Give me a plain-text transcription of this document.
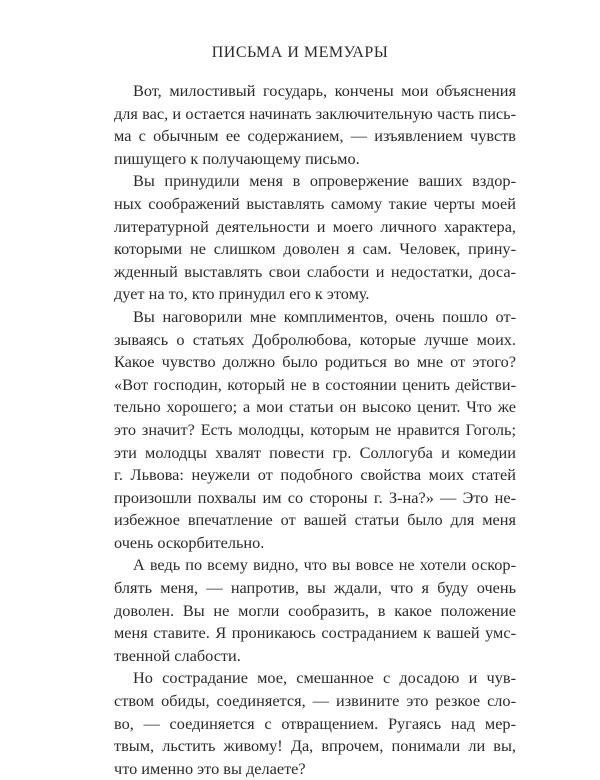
ПИСЬМА И МЕМУАРЫ

Вот, милостивый государь, кончены мои объяснения
для вас, и остается начинать заключительную часть пись-
ма с обычным ее содержанием, — изъявлением чувств
пишущего к получающему письмо.

Вы принудили меня в опровержение ваших вздор-
ных соображений выставлять самому такие черты моей
литературной деятельности и моего личного характера,
которыми не слишком доволен я сам. Человек, прину-
жденный выставлять свои слабости и недостатки, доса-
дует на то, кто принудил его к этому.

Вы наговорили мне комплиментов, очень пошло от-
зываясь о статьях Добролюбова, которые лучше моих.
Какое чувство должно было родиться во мне от этого?
«Вот господин, который не в состоянии ценить действи-
тельно хорошего; а мои статьи он высоко ценит. Что же
это значит? Есть молодцы, которым не нравится Гоголь;
эти молодцы хвалят повести гр. Соллогуба и комедии
г. Львова: неужели от подобного свойства моих статей
произошли похвалы им со стороны г. З-на?» — Это не-
избежное впечатление от вашей статьи было для меня
очень оскорбительно.

А ведь по всему видно, что вы вовсе не хотели оскор-
блять меня, — напротив, вы ждали, что я буду очень
доволен. Вы не могли сообразить, в какое положение
меня ставите. Я проникаюсь состраданием к вашей умс-
твенной слабости.

Но сострадание мое, смешанное с досадою и чув-
ством обиды, соединяется, — извините это резкое сло-
во, — соединяется с отвращением. Ругаясь над мер-
твым, льстить живому! Да, впрочем, понимали ли вы,
что именно это вы делаете?
